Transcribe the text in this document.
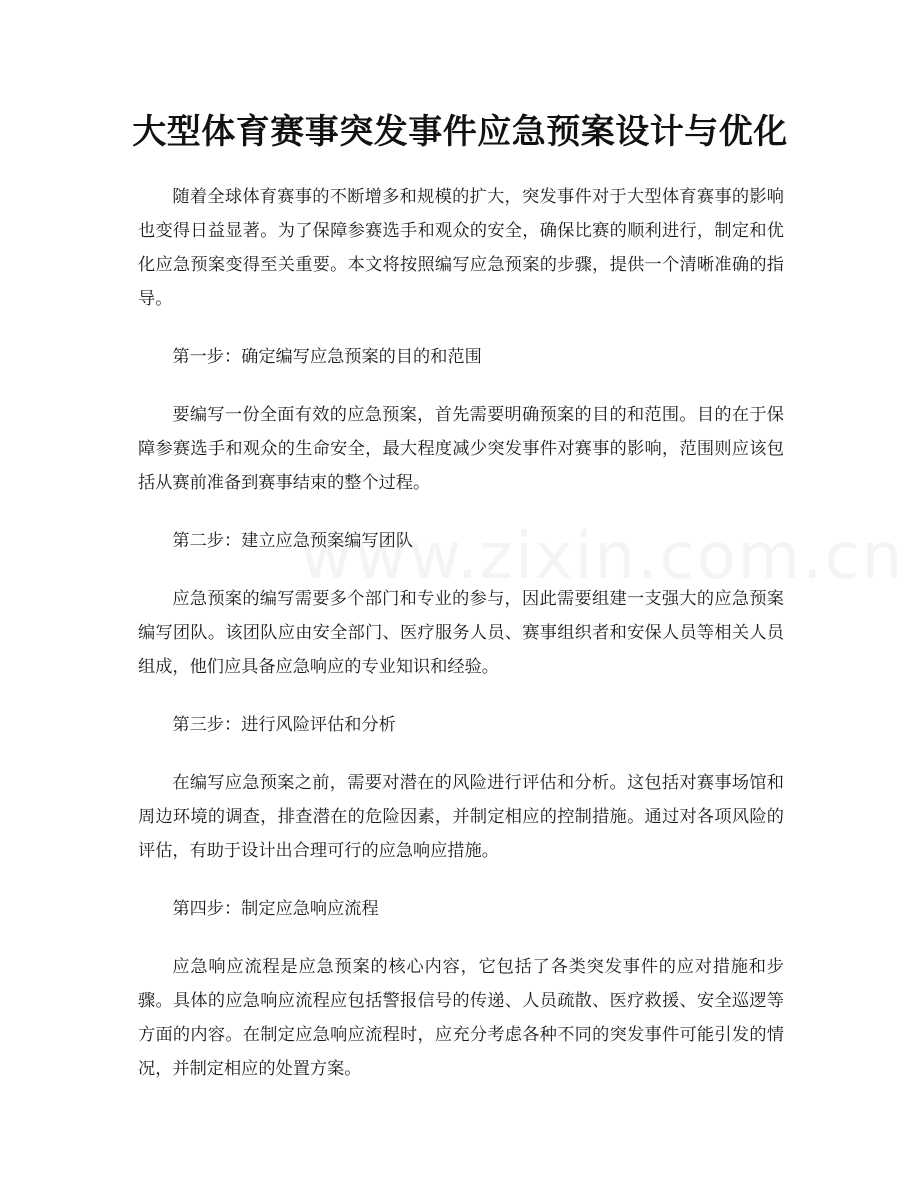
大型体育赛事突发事件应急预案设计与优化

随着全球体育赛事的不断增多和规模的扩大，突发事件对于大型体育赛事的影响也变得日益显著。为了保障参赛选手和观众的安全，确保比赛的顺利进行，制定和优化应急预案变得至关重要。本文将按照编写应急预案的步骤，提供一个清晰准确的指导。

第一步：确定编写应急预案的目的和范围

要编写一份全面有效的应急预案，首先需要明确预案的目的和范围。目的在于保障参赛选手和观众的生命安全，最大程度减少突发事件对赛事的影响，范围则应该包括从赛前准备到赛事结束的整个过程。

第二步：建立应急预案编写团队

应急预案的编写需要多个部门和专业的参与，因此需要组建一支强大的应急预案编写团队。该团队应由安全部门、医疗服务人员、赛事组织者和安保人员等相关人员组成，他们应具备应急响应的专业知识和经验。

第三步：进行风险评估和分析

在编写应急预案之前，需要对潜在的风险进行评估和分析。这包括对赛事场馆和周边环境的调查，排查潜在的危险因素，并制定相应的控制措施。通过对各项风险的评估，有助于设计出合理可行的应急响应措施。

第四步：制定应急响应流程

应急响应流程是应急预案的核心内容，它包括了各类突发事件的应对措施和步骤。具体的应急响应流程应包括警报信号的传递、人员疏散、医疗救援、安全巡逻等方面的内容。在制定应急响应流程时，应充分考虑各种不同的突发事件可能引发的情况，并制定相应的处置方案。
